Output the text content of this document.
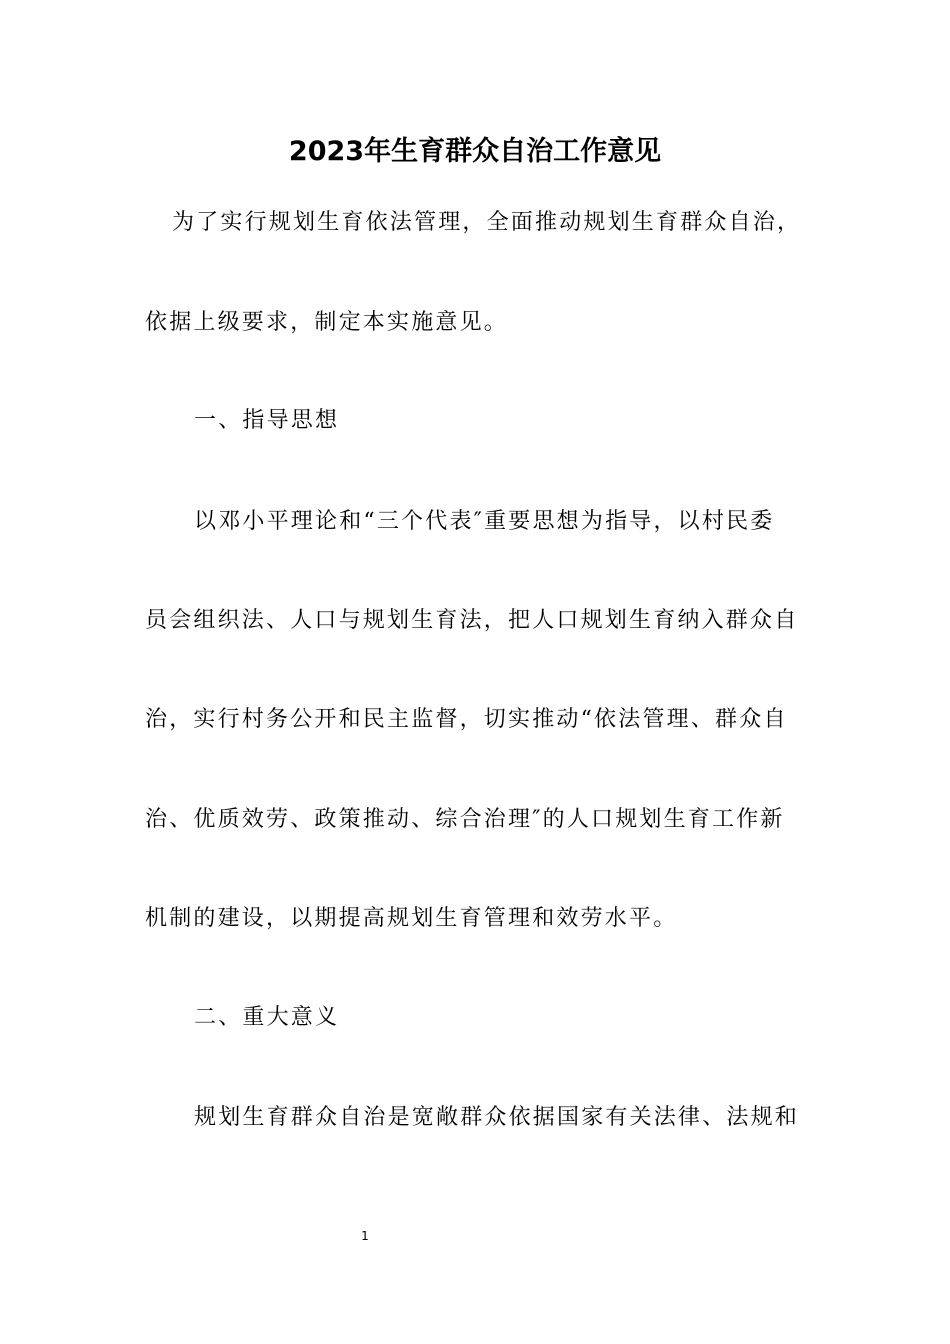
2023年生育群众自治工作意见
为了实行规划生育依法管理，全面推动规划生育群众自治，
依据上级要求，制定本实施意见。
一、指导思想
以邓小平理论和“三个代表″重要思想为指导，以村民委
员会组织法、人口与规划生育法，把人口规划生育纳入群众自
治，实行村务公开和民主监督，切实推动“依法管理、群众自
治、优质效劳、政策推动、综合治理″的人口规划生育工作新
机制的建设，以期提高规划生育管理和效劳水平。
二、重大意义
规划生育群众自治是宽敞群众依据国家有关法律、法规和
1
